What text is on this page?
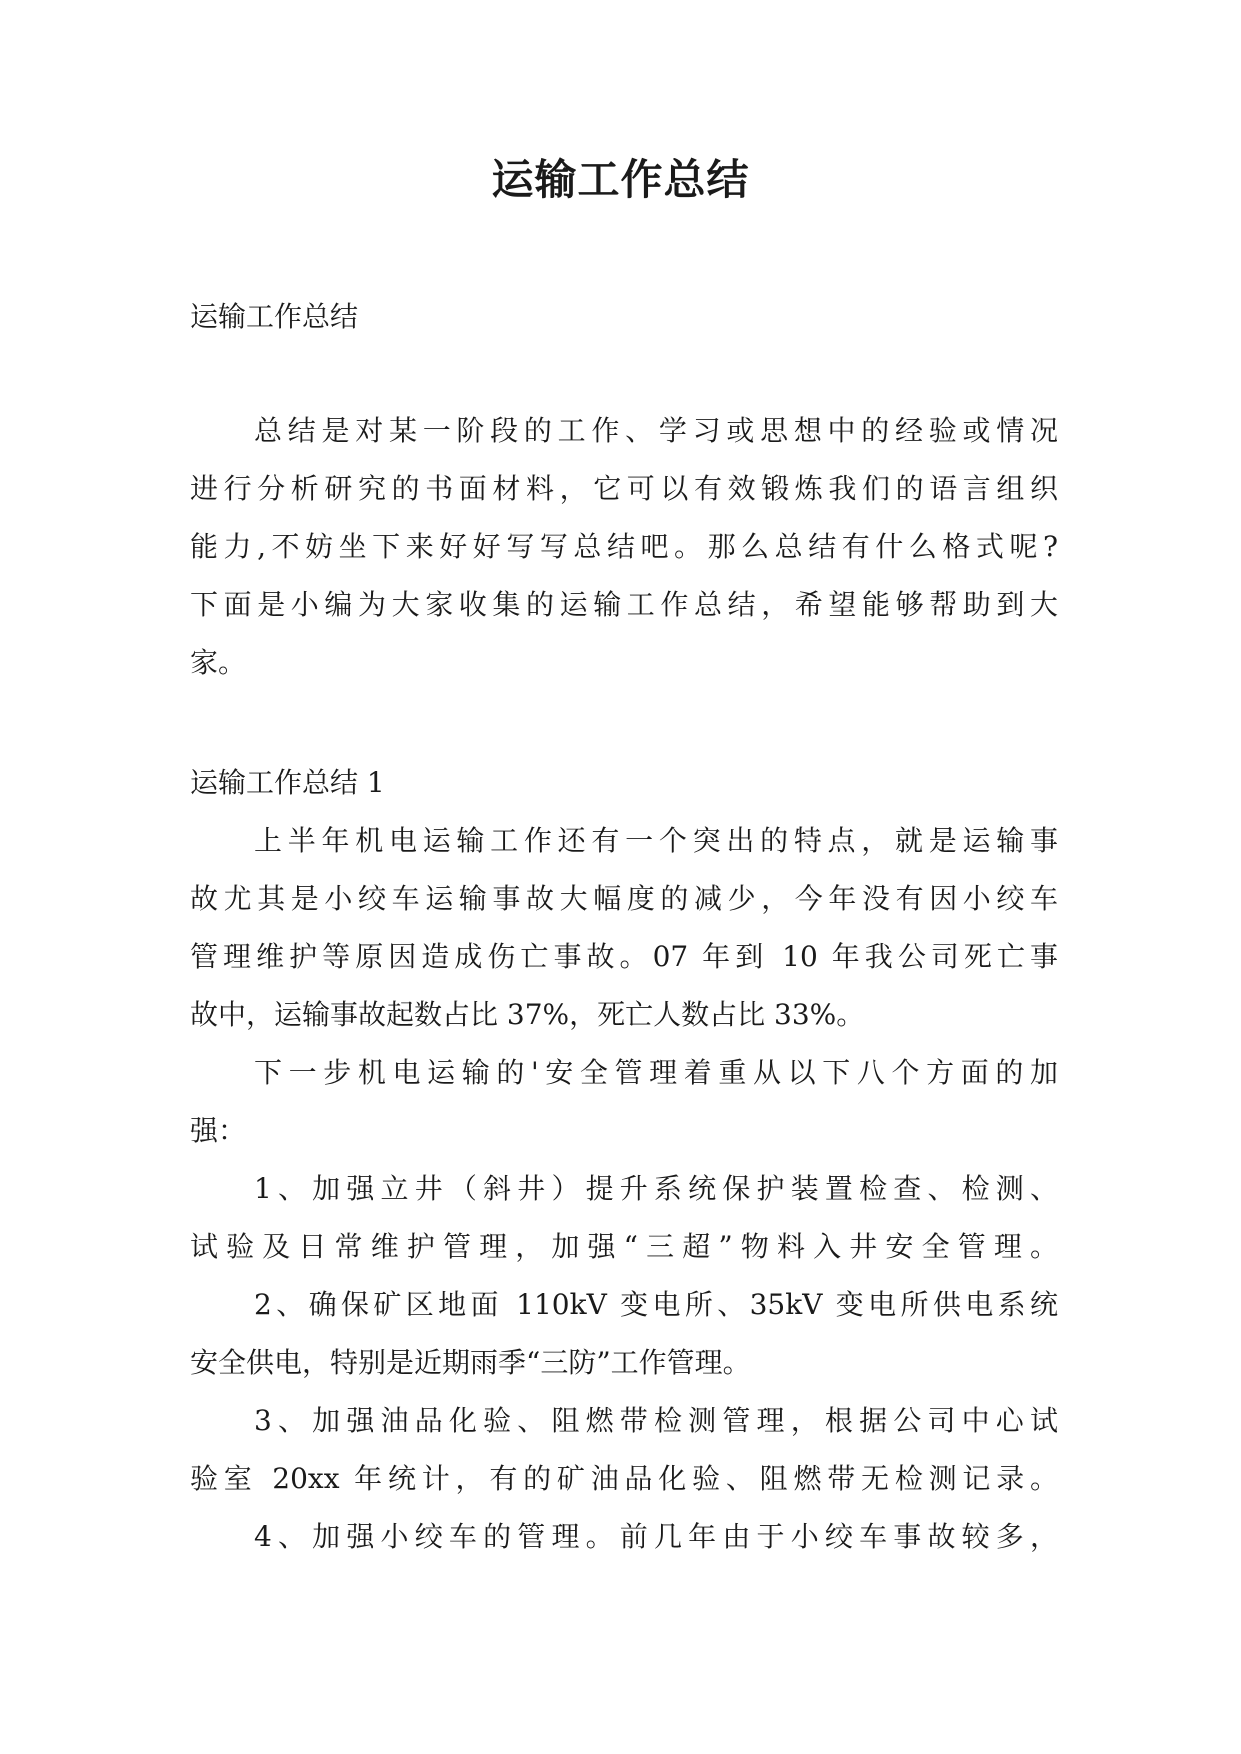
运输工作总结

运输工作总结

总结是对某一阶段的工作、学习或思想中的经验或情况

进行分析研究的书面材料，它可以有效锻炼我们的语言组织

能力,不妨坐下来好好写写总结吧。那么总结有什么格式呢?

下面是小编为大家收集的运输工作总结，希望能够帮助到大

家。

运输工作总结 1

上半年机电运输工作还有一个突出的特点，就是运输事

故尤其是小绞车运输事故大幅度的减少，今年没有因小绞车

管理维护等原因造成伤亡事故。07 年到 10 年我公司死亡事

故中，运输事故起数占比 37%，死亡人数占比 33%。

下一步机电运输的'安全管理着重从以下八个方面的加

强：

1、加强立井（斜井）提升系统保护装置检查、检测、

试验及日常维护管理，加强“三超”物料入井安全管理。

2、确保矿区地面 110kV 变电所、35kV 变电所供电系统

安全供电，特别是近期雨季“三防”工作管理。

3、加强油品化验、阻燃带检测管理，根据公司中心试

验室 20xx 年统计，有的矿油品化验、阻燃带无检测记录。

4、加强小绞车的管理。前几年由于小绞车事故较多，
